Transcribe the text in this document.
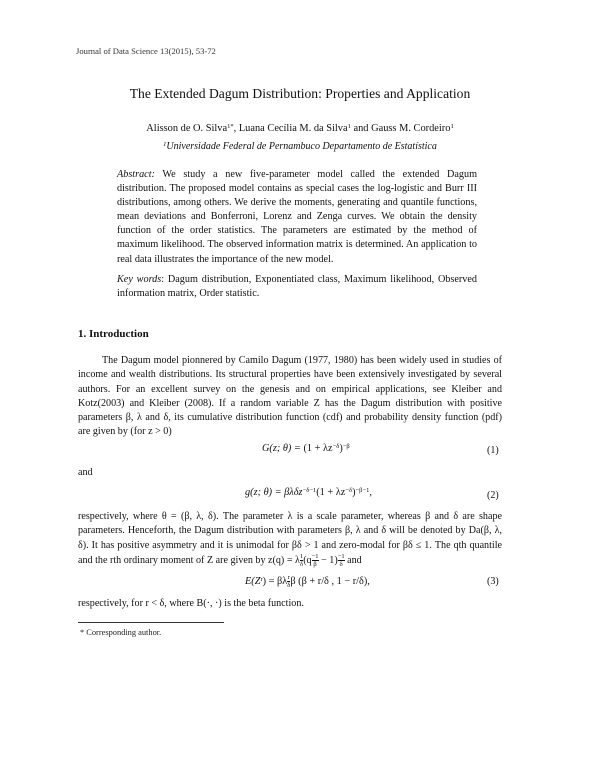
Journal of Data Science 13(2015), 53-72
The Extended Dagum Distribution: Properties and Application
Alisson de O. Silva$^{1*}$, Luana Cecília M. da Silva$^1$ and Gauss M. Cordeiro$^1$
$^1$Universidade Federal de Pernambuco Departamento de Estatística
Abstract: We study a new five-parameter model called the extended Dagum distribution. The proposed model contains as special cases the log-logistic and Burr III distributions, among others. We derive the moments, generating and quantile functions, mean deviations and Bonferroni, Lorenz and Zenga curves. We obtain the density function of the order statistics. The parameters are estimated by the method of maximum likelihood. The observed information matrix is determined. An application to real data illustrates the importance of the new model.
Key words: Dagum distribution, Exponentiated class, Maximum likelihood, Observed information matrix, Order statistic.
1. Introduction

The Dagum model pionnered by Camilo Dagum (1977, 1980) has been widely used in studies of income and wealth distributions. Its structural properties have been extensively investigated by several authors. For an excellent survey on the genesis and on empirical applications, see Kleiber and Kotz(2003) and Kleiber (2008). If a random variable Z has the Dagum distribution with positive parameters β, λ and δ, its cumulative distribution function (cdf) and probability density function (pdf) are given by (for z > 0)

G(z; $\theta) = (1 + \lambda z^{-\delta})^{-\beta}$	(1)
and
g(z; $\theta) = \beta\lambda\delta z^{-\delta-1}(1 + \lambda z^{-\delta})^{-\beta-1}$,	(2)
respectively, where θ = (β, λ, δ). The parameter λ is a scale parameter, whereas β and δ are shape parameters. Henceforth, the Dagum distribution with parameters β, λ and δ will be denoted by Da(β, λ, δ). It has positive asymmetry and it is unimodal for βδ > 1 and zero-modal for βδ ≤ 1. The qth quantile and the rth ordinary moment of Z are given by z(q) = λ $\frac{1}{\delta} (q \frac{-1}{\beta} - 1) \frac{-1}{\delta}$ and
$E(Z^r) = \beta\lambda \frac{r}{\delta}$ β (β + r/δ , 1 − r/δ),	(3)
respectively, for r < δ, where B(·, ·) is the beta function.
* Corresponding author.
